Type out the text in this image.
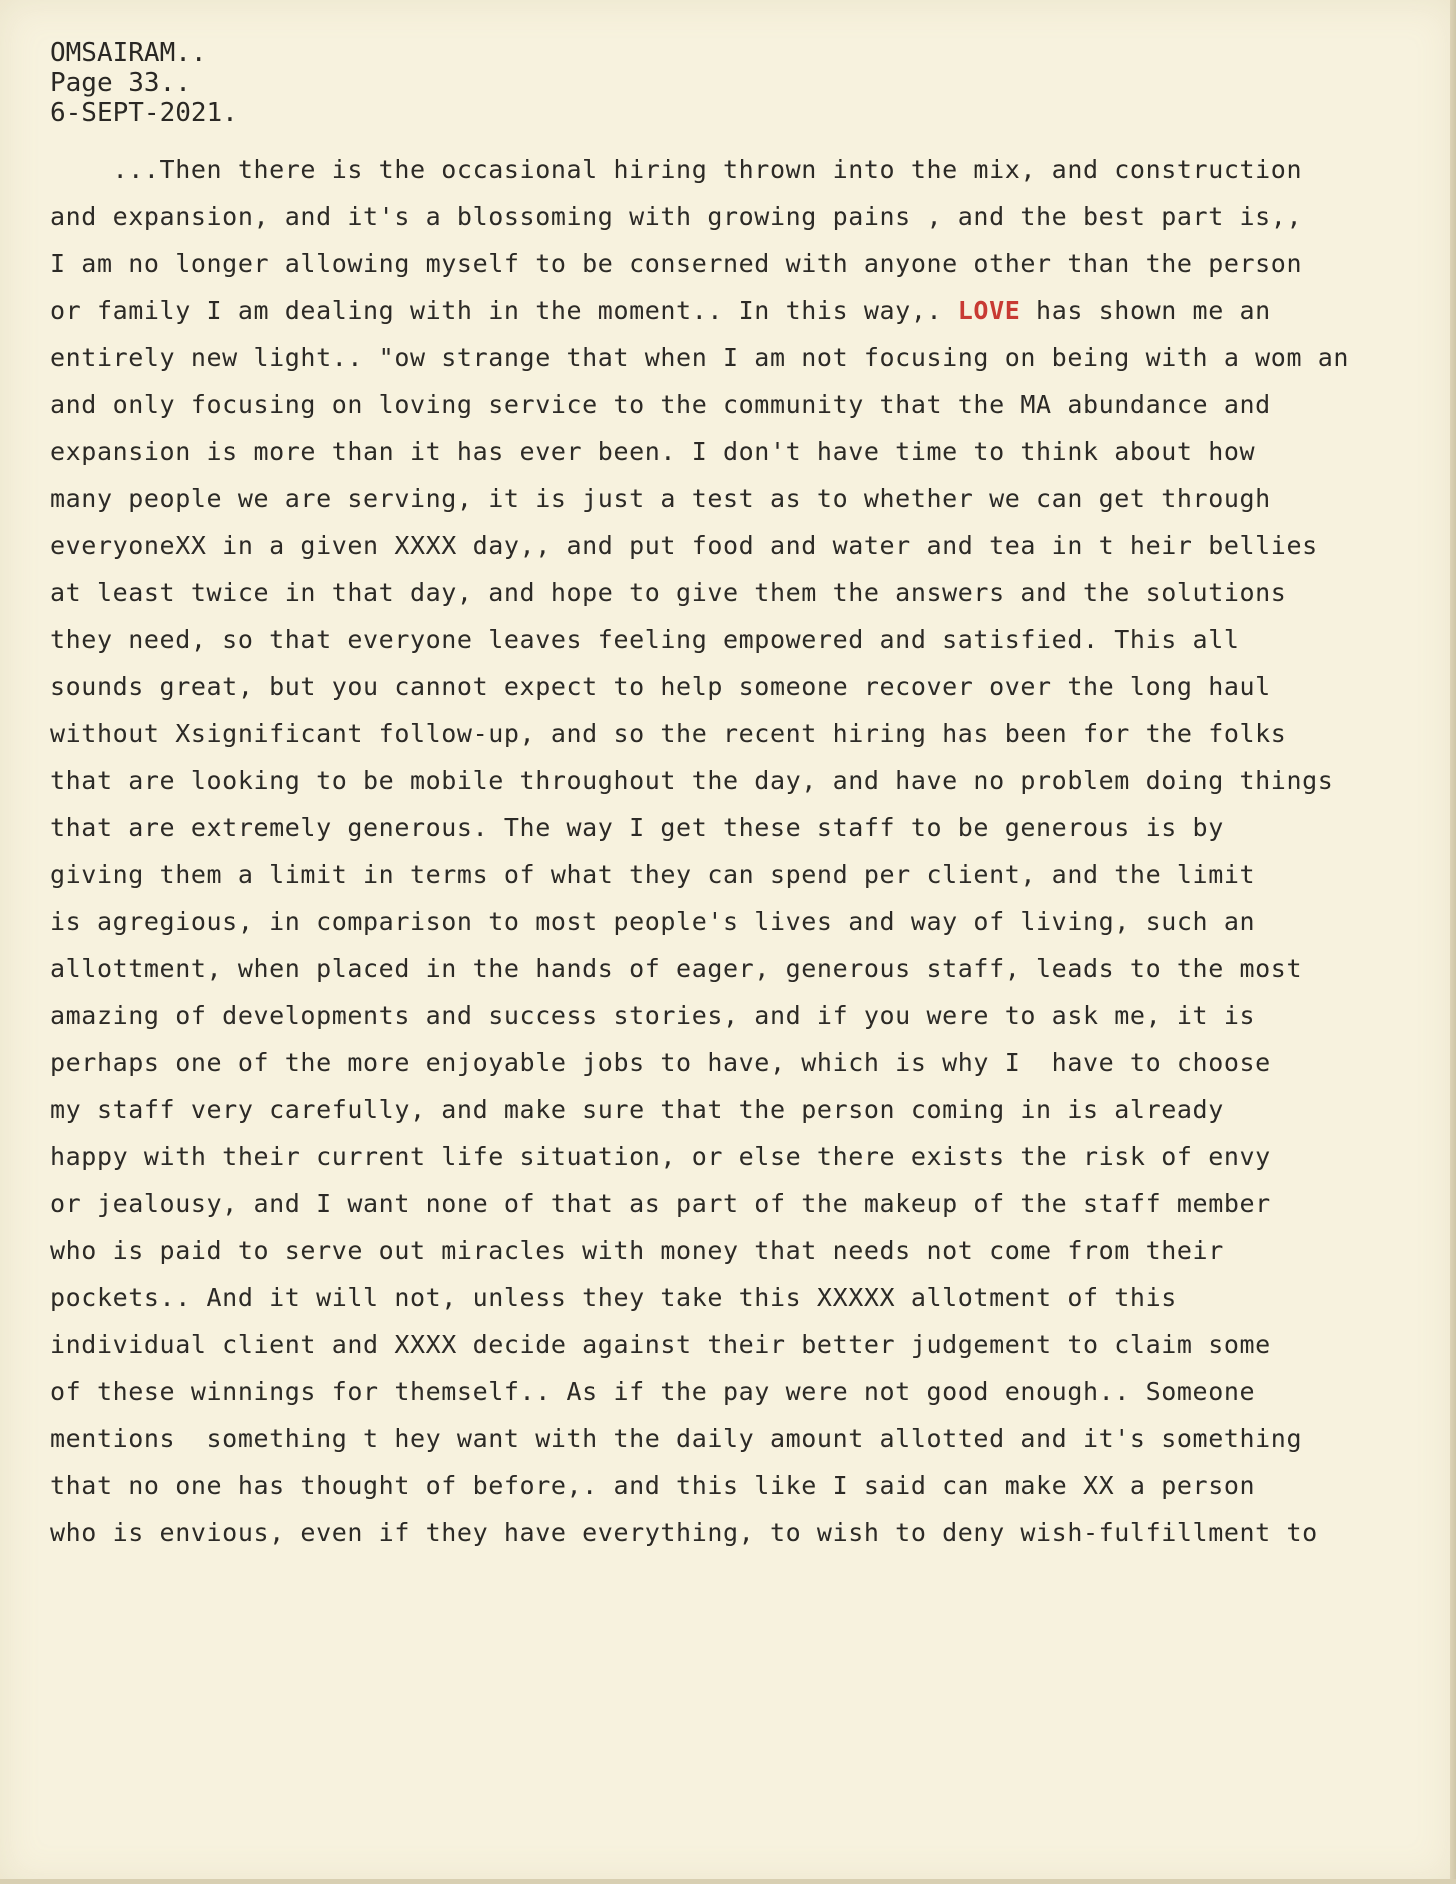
OMSAIRAM..
Page 33..
6-SEPT-2021.
...Then there is the occasional hiring thrown into the mix, and construction
and expansion, and it's a blossoming with growing pains , and the best part is,,
I am no longer allowing myself to be conserned with anyone other than the person
or family I am dealing with in the moment.. In this way,. LOVE has shown me an
entirely new light.. "ow strange that when I am not focusing on being with a wom an
and only focusing on loving service to the community that the MA abundance and
expansion is more than it has ever been. I don't have time to think about how
many people we are serving, it is just a test as to whether we can get through
everyoneXX in a given XXXX day,, and put food and water and tea in t heir bellies
at least twice in that day, and hope to give them the answers and the solutions
they need, so that everyone leaves feeling empowered and satisfied. This all
sounds great, but you cannot expect to help someone recover over the long haul
without Xsignificant follow-up, and so the recent hiring has been for the folks
that are looking to be mobile throughout the day, and have no problem doing things
that are extremely generous. The way I get these staff to be generous is by
giving them a limit in terms of what they can spend per client, and the limit
is agregious, in comparison to most people's lives and way of living, such an
allottment, when placed in the hands of eager, generous staff, leads to the most
amazing of developments and success stories, and if you were to ask me, it is
perhaps one of the more enjoyable jobs to have, which is why I  have to choose
my staff very carefully, and make sure that the person coming in is already
happy with their current life situation, or else there exists the risk of envy
or jealousy, and I want none of that as part of the makeup of the staff member
who is paid to serve out miracles with money that needs not come from their
pockets.. And it will not, unless they take this XXXXX allotment of this
individual client and XXXX decide against their better judgement to claim some
of these winnings for themself.. As if the pay were not good enough.. Someone
mentions  something t hey want with the daily amount allotted and it's something
that no one has thought of before,. and this like I said can make XX a person
who is envious, even if they have everything, to wish to deny wish-fulfillment to
